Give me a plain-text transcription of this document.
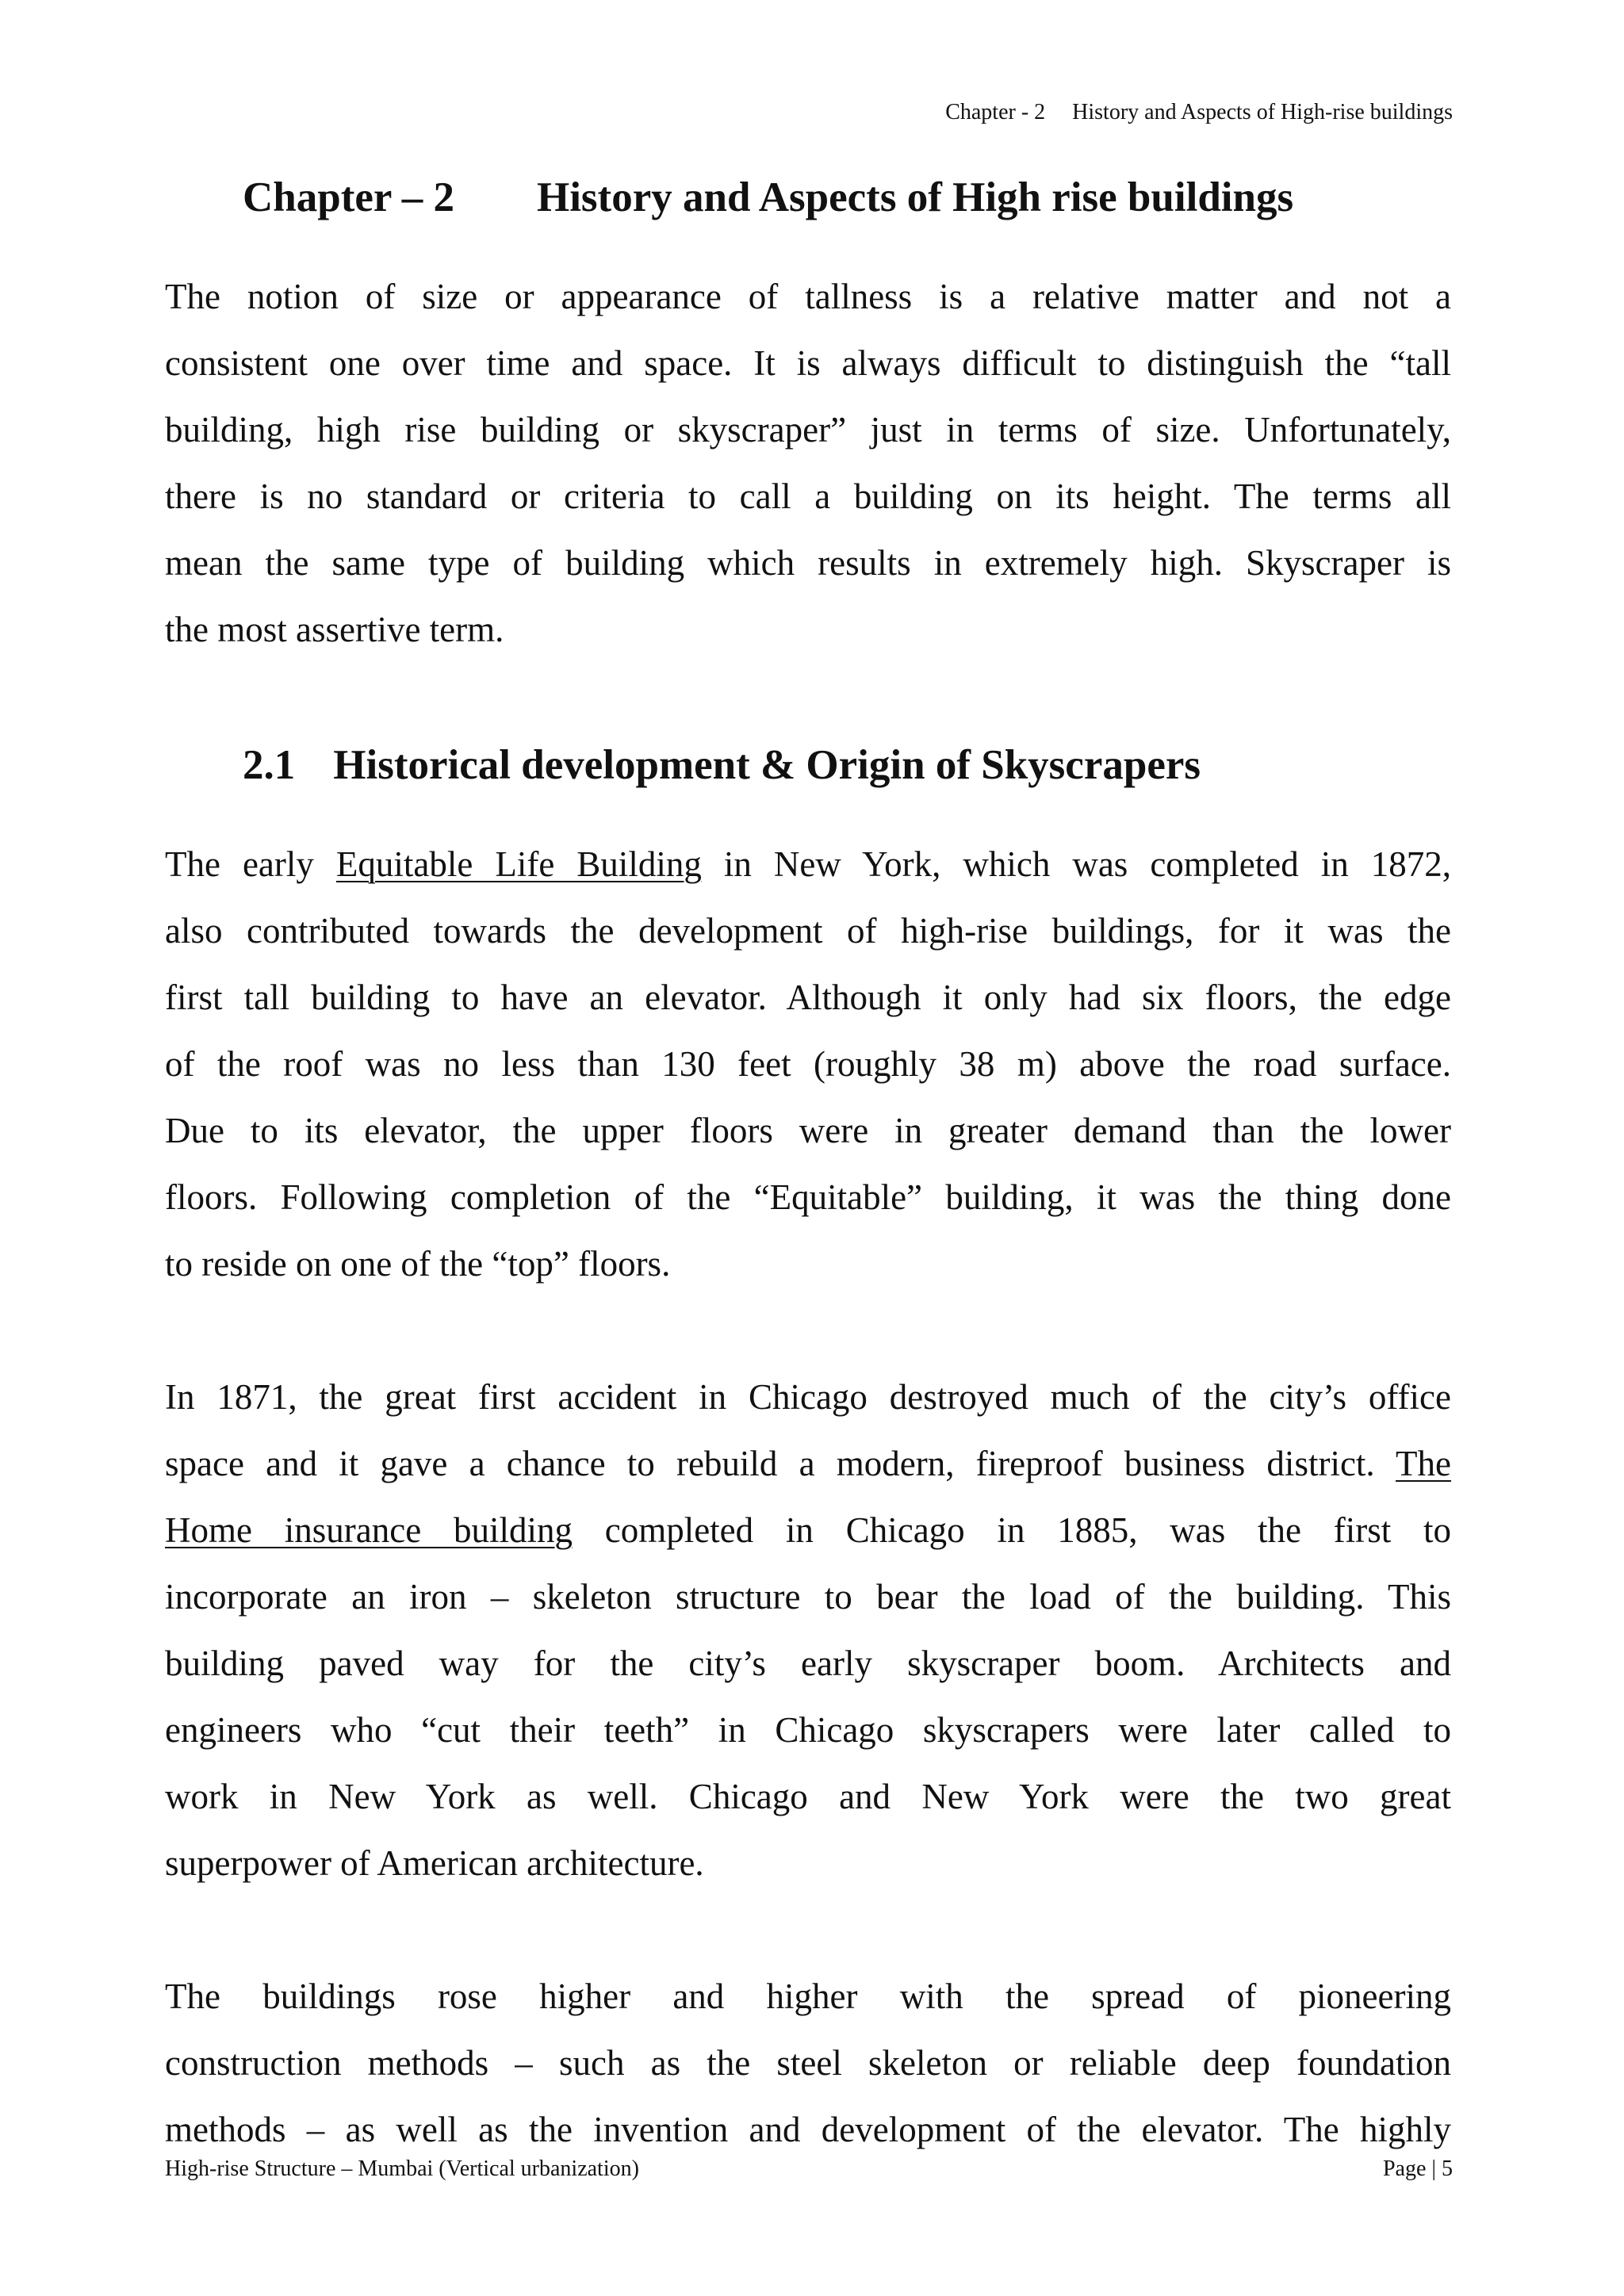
Chapter - 2 History and Aspects of High-rise buildings
Chapter – 2 History and Aspects of High rise buildings
The notion of size or appearance of tallness is a relative matter and not a
consistent one over time and space. It is always difficult to distinguish the “tall
building, high rise building or skyscraper” just in terms of size. Unfortunately,
there is no standard or criteria to call a building on its height. The terms all
mean the same type of building which results in extremely high. Skyscraper is
the most assertive term.
2.1 Historical development & Origin of Skyscrapers
The early Equitable Life Building in New York, which was completed in 1872,
also contributed towards the development of high-rise buildings, for it was the
first tall building to have an elevator. Although it only had six floors, the edge
of the roof was no less than 130 feet (roughly 38 m) above the road surface.
Due to its elevator, the upper floors were in greater demand than the lower
floors. Following completion of the “Equitable” building, it was the thing done
to reside on one of the “top” floors.
In 1871, the great first accident in Chicago destroyed much of the city’s office
space and it gave a chance to rebuild a modern, fireproof business district. The
Home insurance building completed in Chicago in 1885, was the first to
incorporate an iron – skeleton structure to bear the load of the building. This
building paved way for the city’s early skyscraper boom. Architects and
engineers who “cut their teeth” in Chicago skyscrapers were later called to
work in New York as well. Chicago and New York were the two great
superpower of American architecture.
The buildings rose higher and higher with the spread of pioneering
construction methods – such as the steel skeleton or reliable deep foundation
methods – as well as the invention and development of the elevator. The highly
High-rise Structure – Mumbai (Vertical urbanization)	Page | 5
